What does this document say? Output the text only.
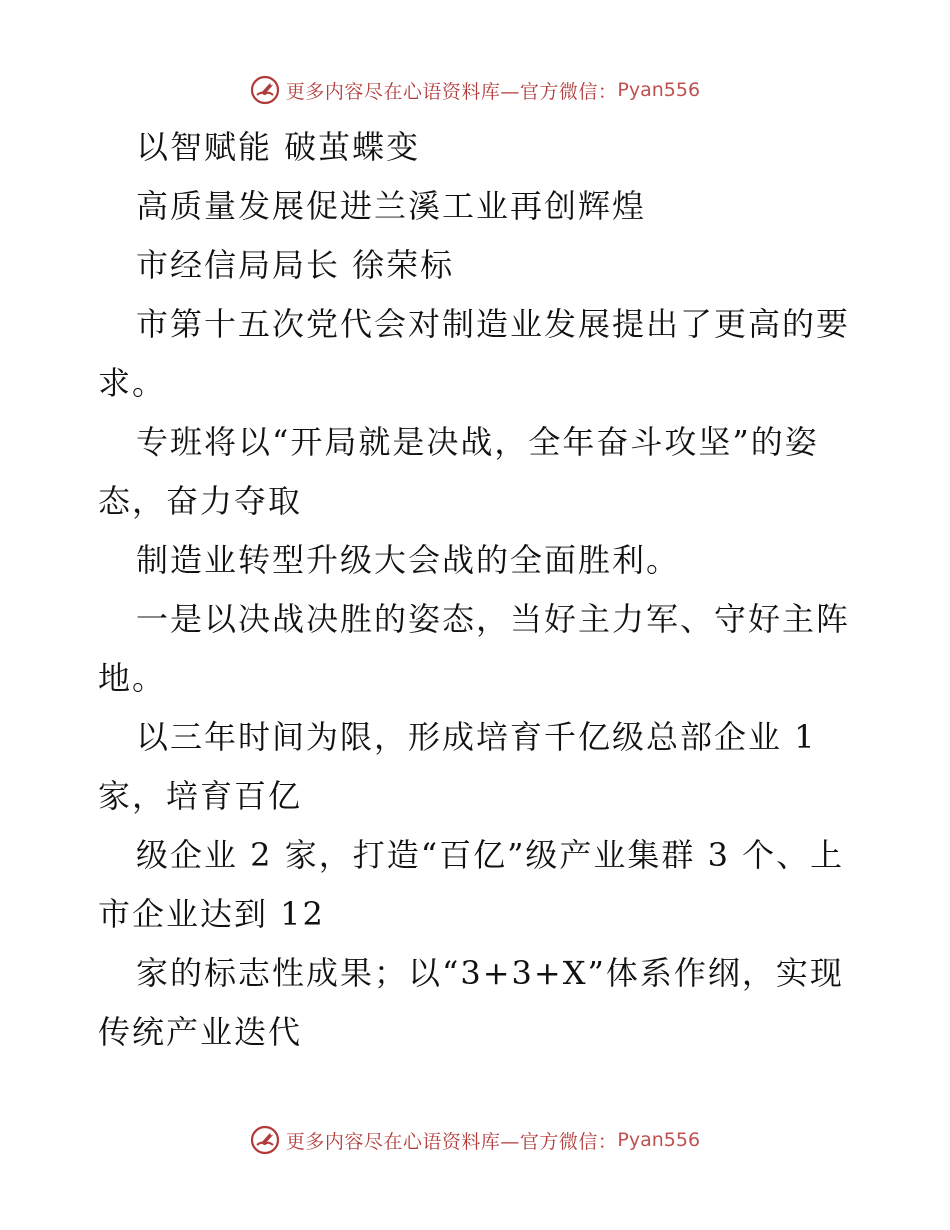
更多内容尽在心语资料库—官方微信： Pyan556
以智赋能 破茧蝶变
高质量发展促进兰溪工业再创辉煌
市经信局局长 徐荣标
市第十五次党代会对制造业发展提出了更高的要求。
专班将以“开局就是决战，全年奋斗攻坚”的姿态，奋力夺取
制造业转型升级大会战的全面胜利。
一是以决战决胜的姿态，当好主力军、守好主阵地。
以三年时间为限，形成培育千亿级总部企业 1 家，培育百亿
级企业 2 家，打造“百亿”级产业集群 3 个、上市企业达到 12
家的标志性成果；以“3+3+X”体系作纲，实现传统产业迭代
更多内容尽在心语资料库—官方微信： Pyan556
